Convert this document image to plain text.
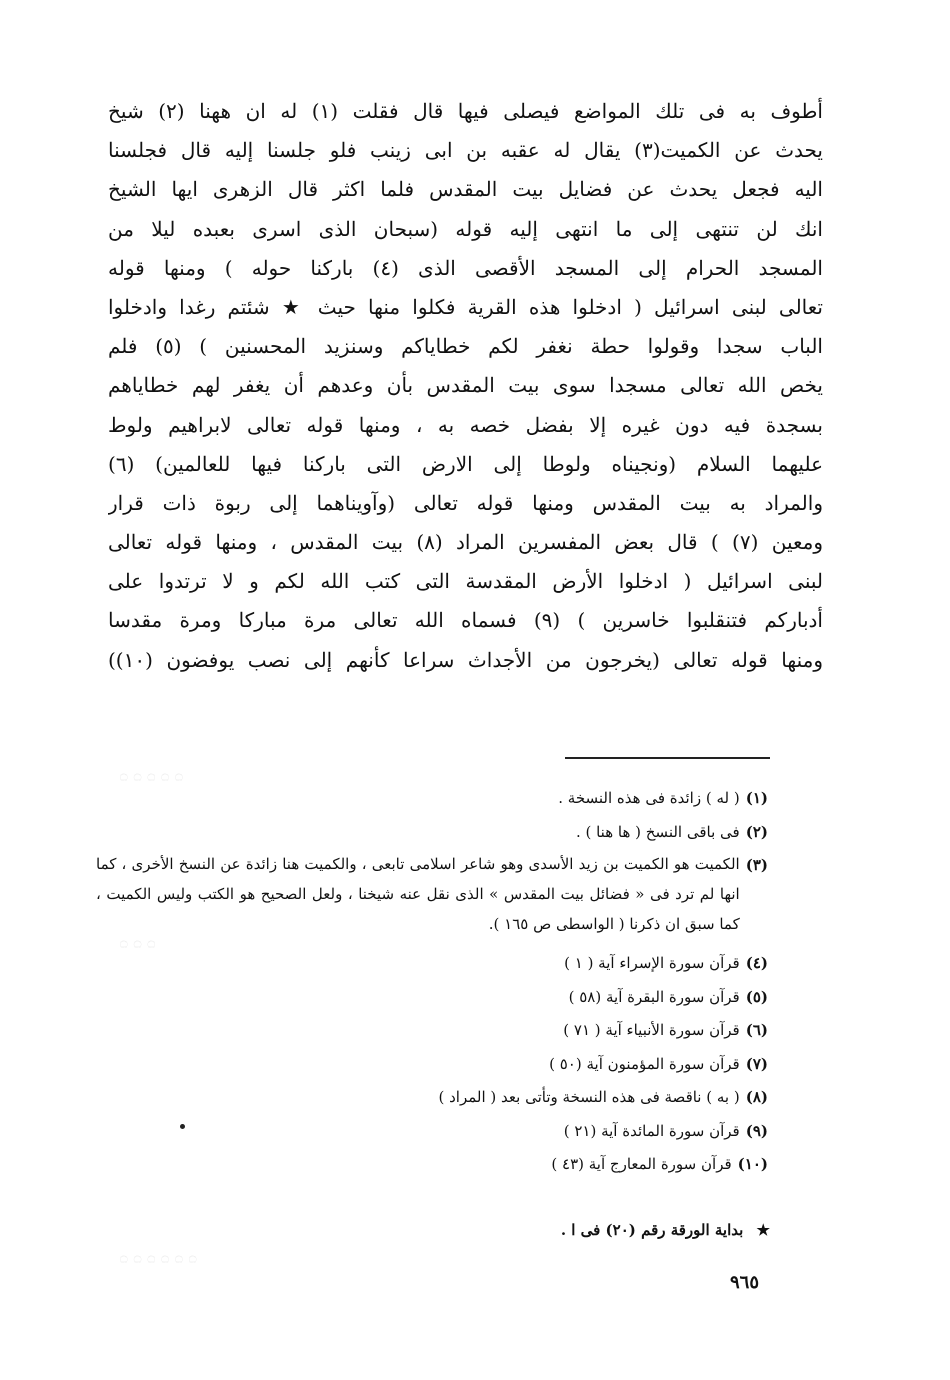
أطوف به فى تلك المواضع فيصلى فيها قال فقلت (١) له ان ههنا (٢) شيخ
يحدث عن الكميت(٣) يقال له عقبه بن ابى زينب فلو جلسنا إليه قال فجلسنا
اليه فجعل يحدث عن فضايل بيت المقدس فلما اكثر قال الزهرى ايها الشيخ
انك لن تنتهى إلى ما انتهى إليه قوله (سبحان الذى اسرى بعبده ليلا من
المسجد الحرام إلى المسجد الأقصى الذى (٤) باركنا حوله ) ومنها قوله
تعالى لبنى اسرائيل ( ادخلوا هذه القرية فكلوا منها حيث ★ شئتم رغدا وادخلوا
الباب سجدا وقولوا حطة نغفر لكم خطاياكم وسنزيد المحسنين ) (٥) فلم
يخص الله تعالى مسجدا سوى بيت المقدس بأن وعدهم أن يغفر لهم خطاياهم
بسجدة فيه دون غيره إلا بفضل خصه به ، ومنها قوله تعالى لابراهيم ولوط
عليهما السلام (ونجيناه ولوطا إلى الارض التى باركنا فيها للعالمين) (٦)
والمراد به بيت المقدس ومنها قوله تعالى (وآويناهما إلى ربوة ذات قرار
ومعين (٧) ) قال بعض المفسرين المراد (٨) بيت المقدس ، ومنها قوله تعالى
لبنى اسرائيل ( ادخلوا الأرض المقدسة التى كتب الله لكم و لا ترتدوا على
أدباركم فتنقلبوا خاسرين ) (٩) فسماه الله تعالى مرة مباركا ومرة مقدسا
ومنها قوله تعالى (يخرجون من الأجداث سراعا كأنهم إلى نصب يوفضون (١٠))
۝ ۝ ۝ ۝ ۝
۝ ۝ ۝
۝ ۝ ۝ ۝ ۝ ۝
(١)
( له ) زائدة فى هذه النسخة .
(٢)
فى باقى النسخ ( ها هنا ) .
(٣)
الكميت هو الكميت بن زيد الأسدى وهو شاعر اسلامى تابعى ، والكميت هنا زائدة عن النسخ الأخرى ، كما انها لم ترد فى « فضائل بيت المقدس » الذى نقل عنه شيخنا ، ولعل الصحيح هو الكتب وليس الكميت ، كما سبق ان ذكرنا ( الواسطى ص ١٦٥ ).
(٤)
قرآن سورة الإسراء آية ( ١ )
(٥)
قرآن سورة البقرة آية (٥٨ )
(٦)
قرآن سورة الأنبياء آية ( ٧١ )
(٧)
قرآن سورة المؤمنون آية (٥٠ )
(٨)
( به ) ناقصة فى هذه النسخة وتأتى بعد ( المراد )
(٩)
قرآن سورة المائدة آية (٢١ )
(١٠)
قرآن سورة المعارج آية (٤٣ )
★ بداية الورقة رقم (٢٠) فى ا .
٩٦٥
